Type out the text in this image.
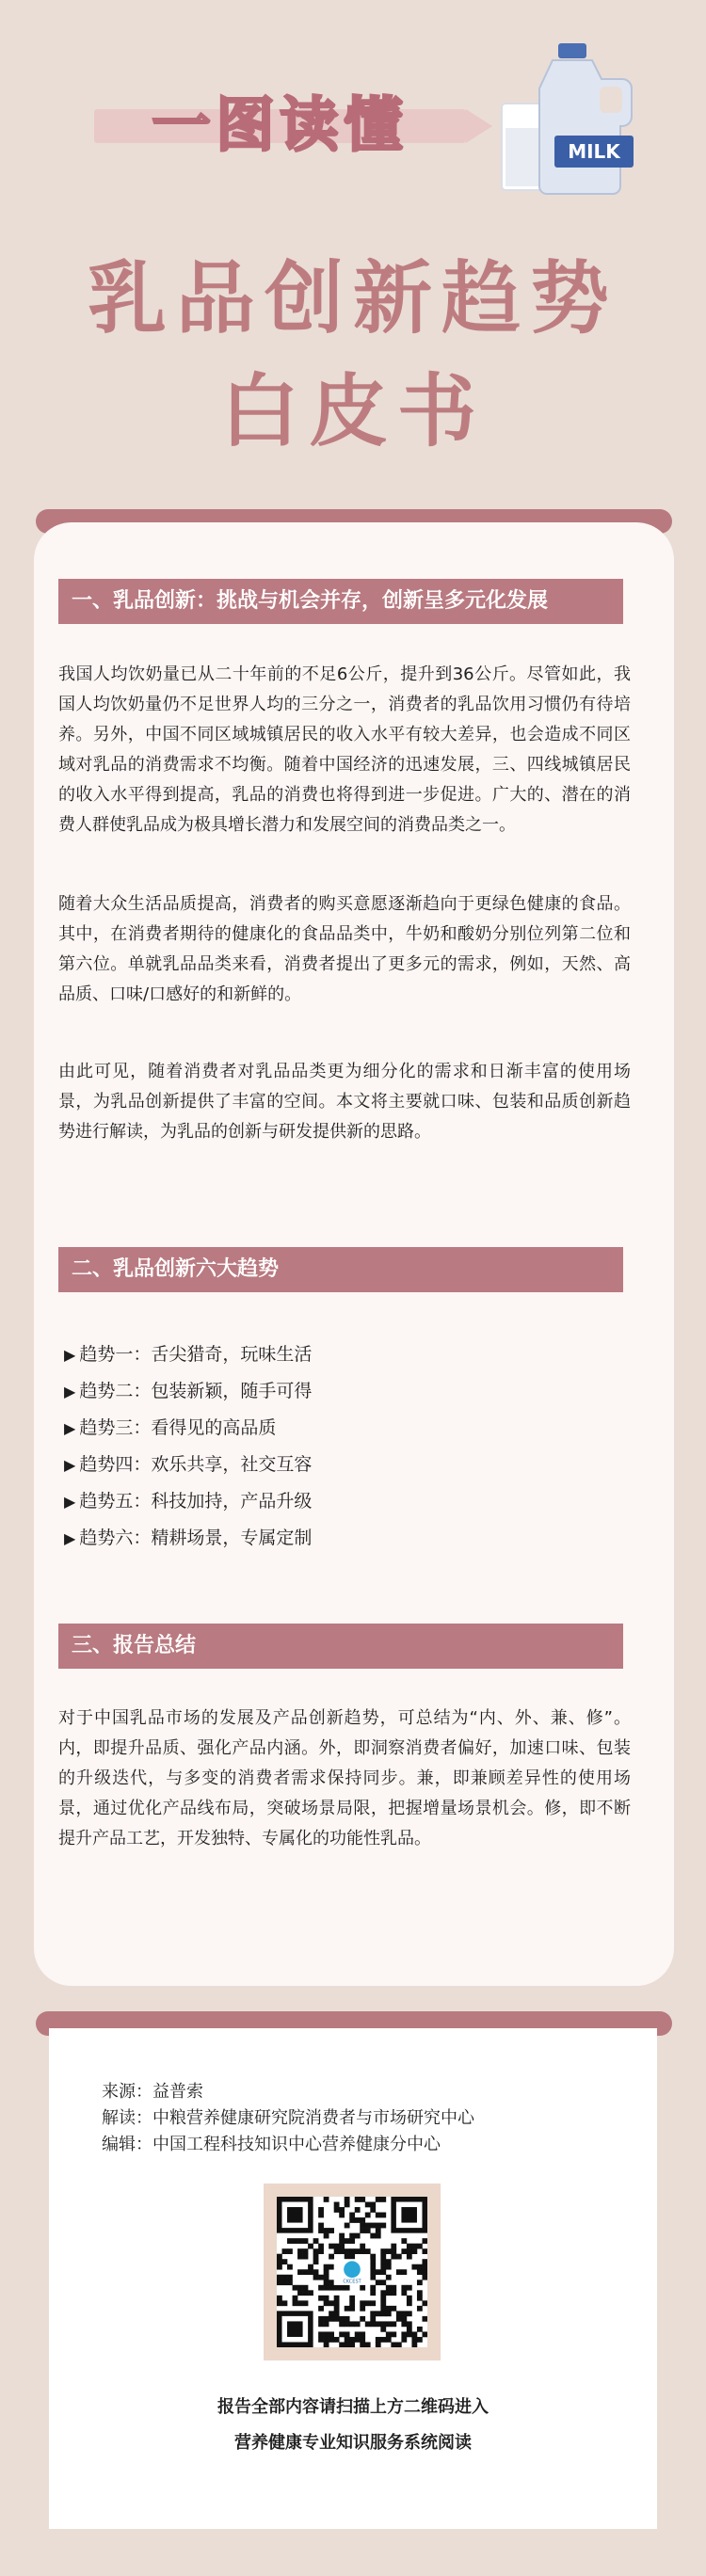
一图读懂	MILK
乳品创新趋势
白皮书
一、乳品创新：挑战与机会并存，创新呈多元化发展

我国人均饮奶量已从二十年前的不足6公斤，提升到36公斤。尽管如此，我国人均饮奶量仍不足世界人均的三分之一，消费者的乳品饮用习惯仍有待培养。另外，中国不同区域城镇居民的收入水平有较大差异，也会造成不同区域对乳品的消费需求不均衡。随着中国经济的迅速发展，三、四线城镇居民的收入水平得到提高，乳品的消费也将得到进一步促进。广大的、潜在的消费人群使乳品成为极具增长潜力和发展空间的消费品类之一。

随着大众生活品质提高，消费者的购买意愿逐渐趋向于更绿色健康的食品。其中，在消费者期待的健康化的食品品类中，牛奶和酸奶分别位列第二位和第六位。单就乳品品类来看，消费者提出了更多元的需求，例如，天然、高品质、口味/口感好的和新鲜的。

由此可见，随着消费者对乳品品类更为细分化的需求和日渐丰富的使用场景，为乳品创新提供了丰富的空间。本文将主要就口味、包装和品质创新趋势进行解读，为乳品的创新与研发提供新的思路。

二、乳品创新六大趋势
▶ 趋势一：舌尖猎奇，玩味生活
▶ 趋势二：包装新颖，随手可得
▶ 趋势三：看得见的高品质
▶ 趋势四：欢乐共享，社交互容
▶ 趋势五：科技加持，产品升级
▶ 趋势六：精耕场景，专属定制
三、报告总结

对于中国乳品市场的发展及产品创新趋势，可总结为“内、外、兼、修”。内，即提升品质、强化产品内涵。外，即洞察消费者偏好，加速口味、包装的升级迭代，与多变的消费者需求保持同步。兼，即兼顾差异性的使用场景，通过优化产品线布局，突破场景局限，把握增量场景机会。修，即不断提升产品工艺，开发独特、专属化的功能性乳品。

来源：益普索
解读：中粮营养健康研究院消费者与市场研究中心
编辑：中国工程科技知识中心营养健康分中心
CKCEST
报告全部内容请扫描上方二维码进入
营养健康专业知识服务系统阅读
